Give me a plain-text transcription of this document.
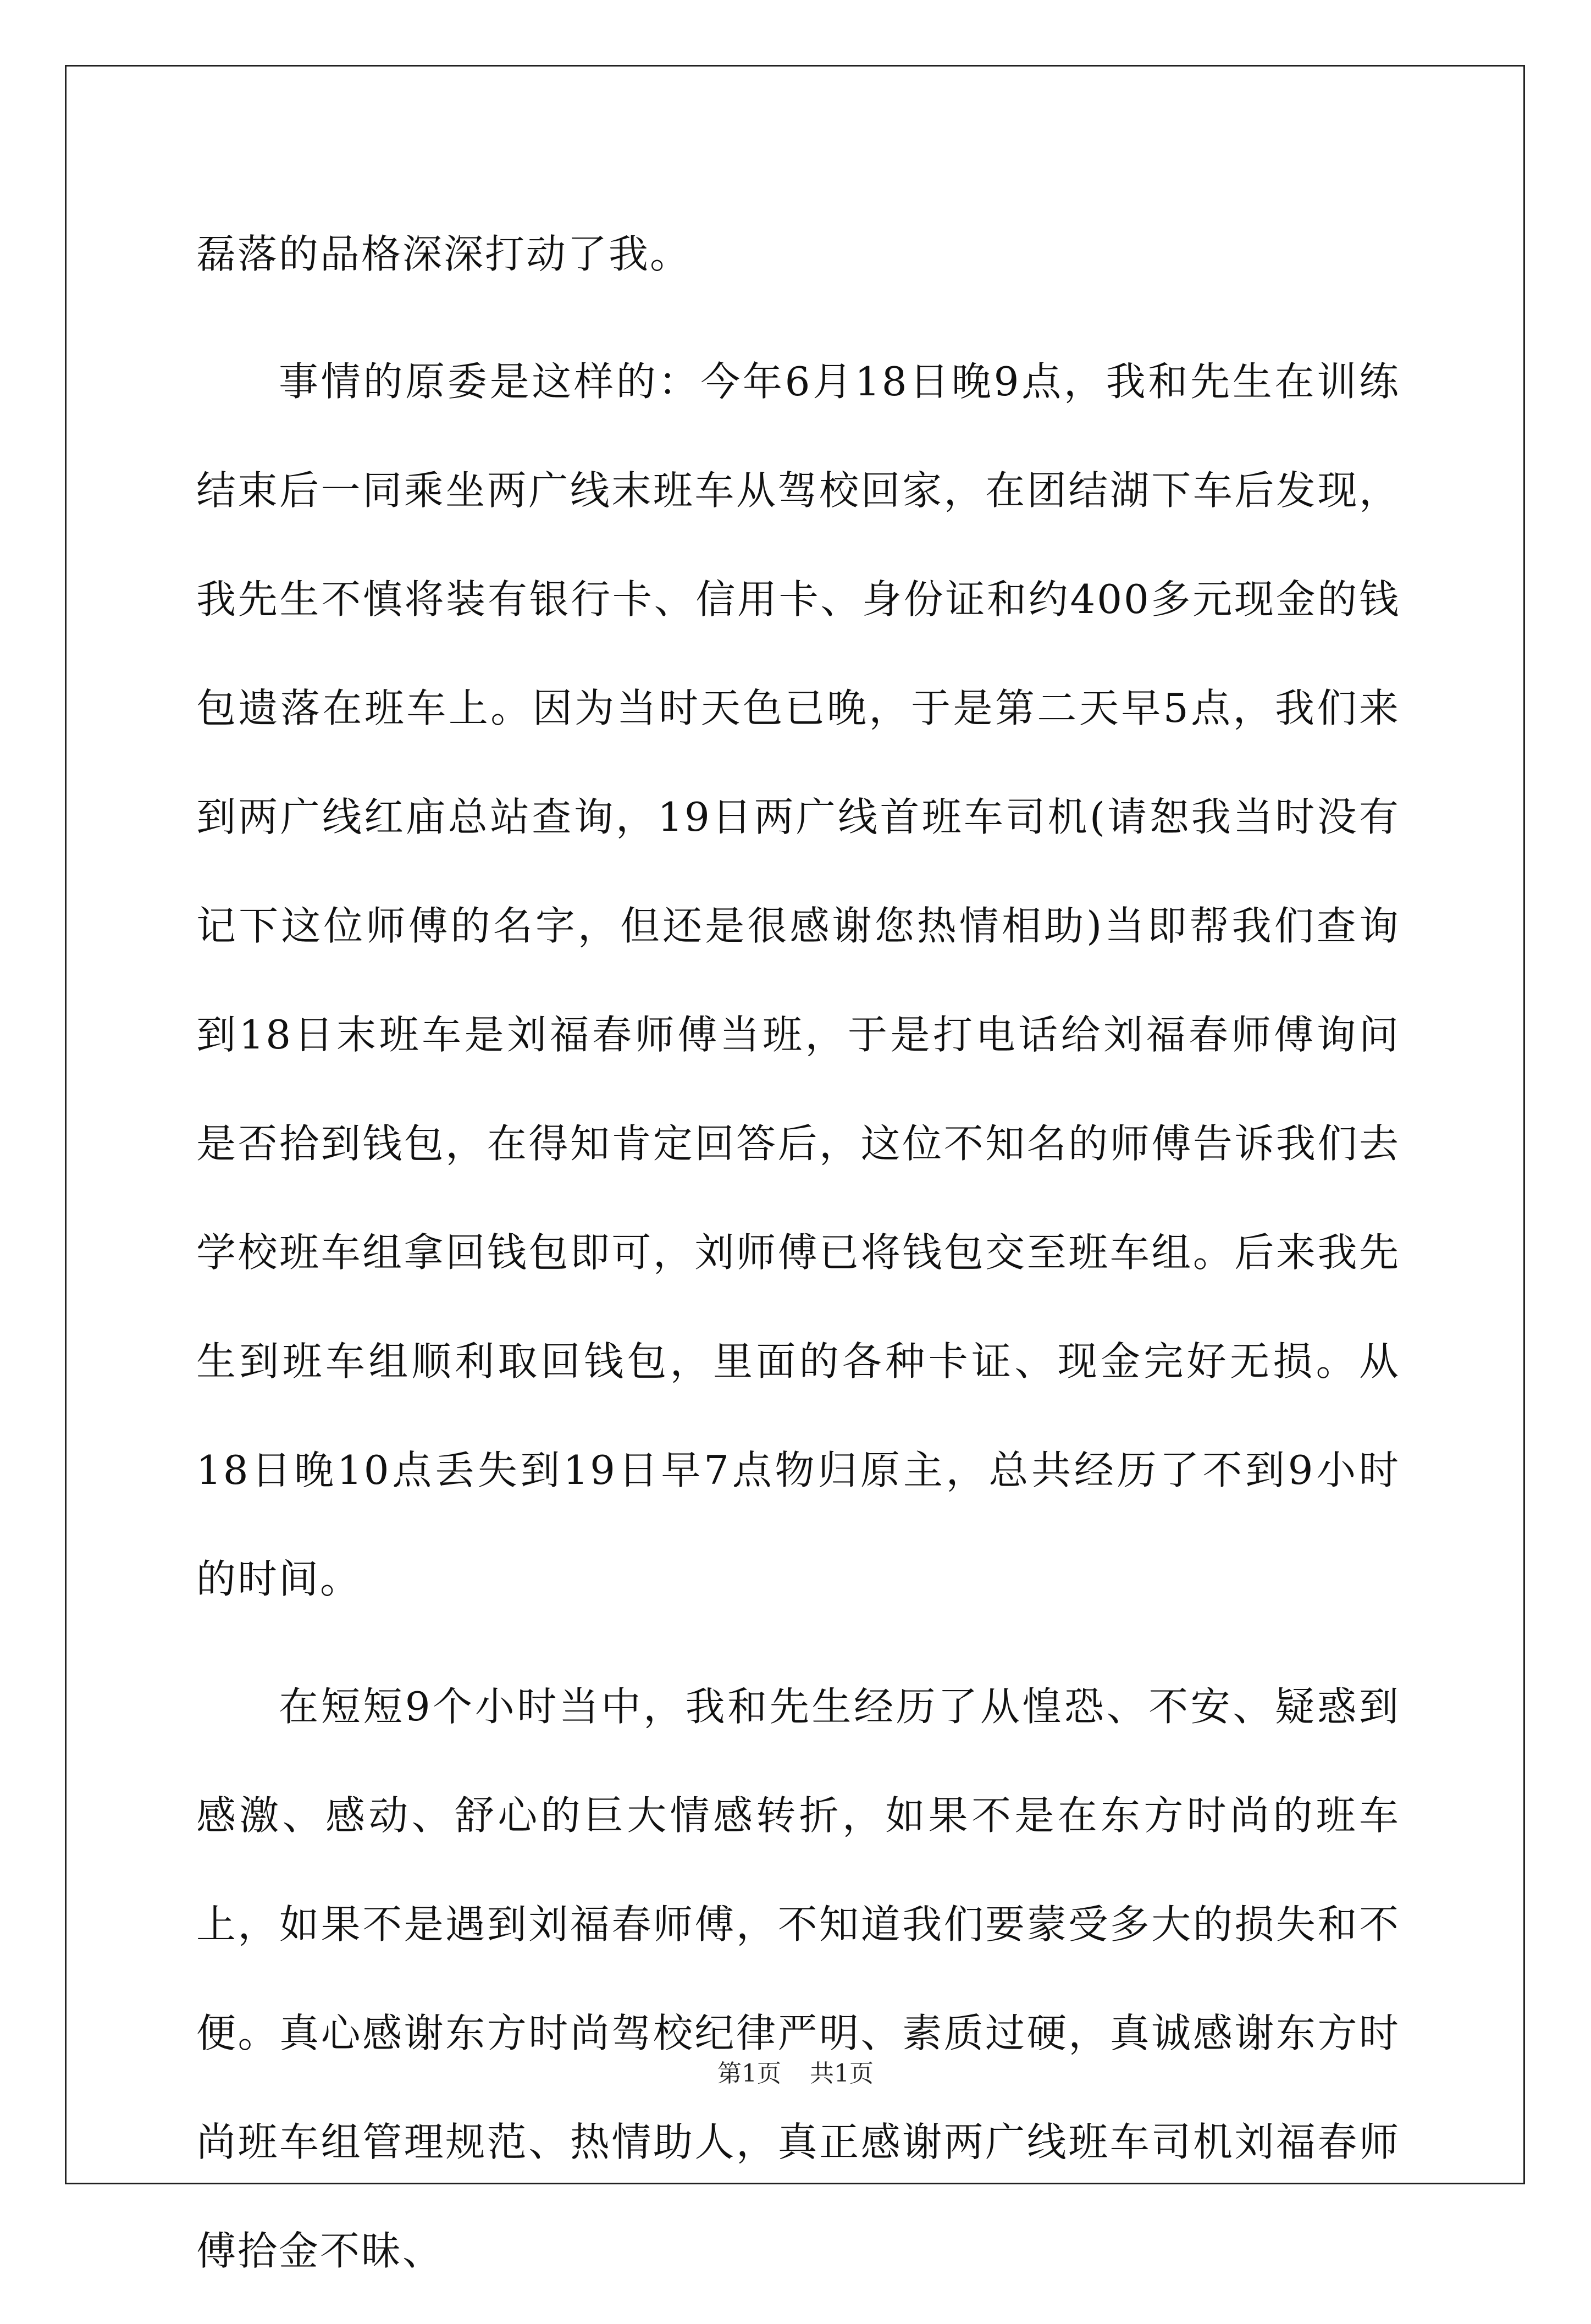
磊落的品格深深打动了我。

事情的原委是这样的：今年6月18日晚9点，我和先生在训练结束后一同乘坐两广线末班车从驾校回家，在团结湖下车后发现，我先生不慎将装有银行卡、信用卡、身份证和约400多元现金的钱包遗落在班车上。因为当时天色已晚，于是第二天早5点，我们来到两广线红庙总站查询，19日两广线首班车司机(请恕我当时没有记下这位师傅的名字，但还是很感谢您热情相助)当即帮我们查询到18日末班车是刘福春师傅当班，于是打电话给刘福春师傅询问是否拾到钱包，在得知肯定回答后，这位不知名的师傅告诉我们去学校班车组拿回钱包即可，刘师傅已将钱包交至班车组。后来我先生到班车组顺利取回钱包，里面的各种卡证、现金完好无损。从18日晚10点丢失到19日早7点物归原主，总共经历了不到9小时的时间。

在短短9个小时当中，我和先生经历了从惶恐、不安、疑惑到感激、感动、舒心的巨大情感转折，如果不是在东方时尚的班车上，如果不是遇到刘福春师傅，不知道我们要蒙受多大的损失和不便。真心感谢东方时尚驾校纪律严明、素质过硬，真诚感谢东方时尚班车组管理规范、热情助人，真正感谢两广线班车司机刘福春师傅拾金不昧、

第1页 共1页
